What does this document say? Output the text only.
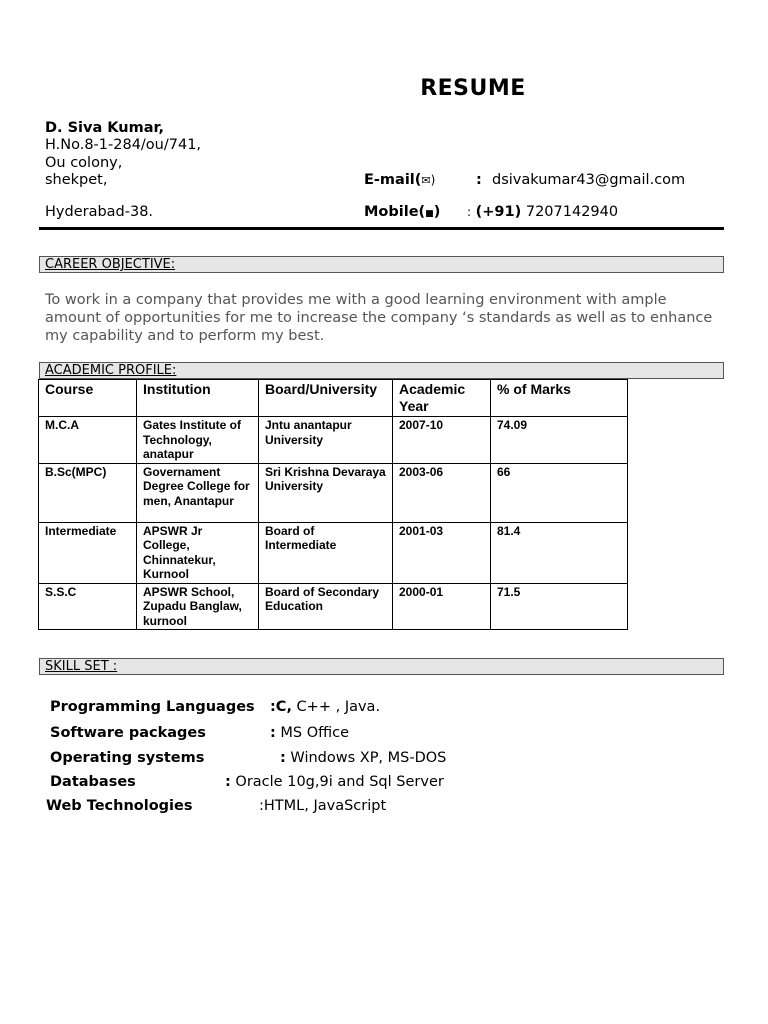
RESUME
D. Siva Kumar,
H.No.8-1-284/ou/741,
Ou colony,
shekpet,
Hyderabad-38.
E-mail(✉)	: dsivakumar43@gmail.com
Mobile(■) : (+91) 7207142940
CAREER OBJECTIVE:
To work in a company that provides me with a good learning environment with ample amount of opportunities for me to increase the company ‘s standards as well as to enhance my capability and to perform my best.
ACADEMIC PROFILE:
Course	Institution	Board/University	Academic Year	% of Marks
M.C.A	Gates Institute of Technology, anatapur	Jntu anantapur University	2007-10	74.09
B.Sc(MPC)	Governament Degree College for men, Anantapur	Sri Krishna Devaraya University	2003-06	66
Intermediate	APSWR Jr College, Chinnatekur, Kurnool	Board of Intermediate	2001-03	81.4
S.S.C	APSWR School, Zupadu Banglaw, kurnool	Board of Secondary Education	2000-01	71.5
SKILL SET :
Programming Languages :C, C++ , Java.
Software packages	: MS Office
Operating systems	: Windows XP, MS-DOS
Databases	: Oracle 10g,9i and Sql Server
Web Technologies	:HTML, JavaScript
